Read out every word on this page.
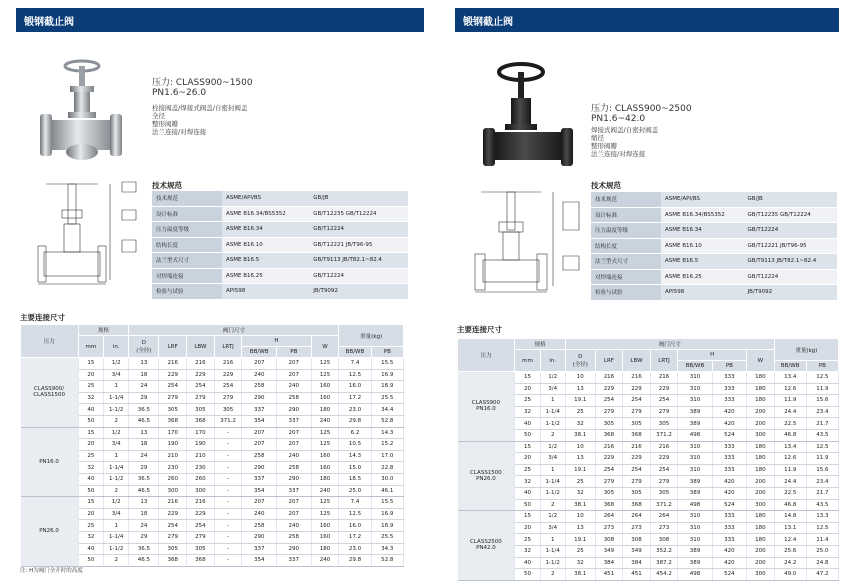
锻钢截止阀
压力: CLASS900~1500
PN1.6~26.0
栓接阀盖/焊接式阀盖/自密封阀盖
全径
整形阀瓣
法兰连接/对焊连接
技术规范
技术规范	ASME/API/BS	GB/JB
设计标准	ASME B16.34/BS5352	GB/T12235 GB/T12224
压力温度等级	ASME B16.34	GB/T12224
结构长度	ASME B16.10	GB/T12221 JB/T96-95
法兰型式尺寸	ASME B16.5	GB/T9113 JB/T82.1~82.4
对焊端连接	ASME B16.25	GB/T12224
检验与试验	API598	JB/T9092
主要连接尺寸
压力	规格		阀门尺寸							重量(kg)	
	mm	in.	D
(全径)	LRF	LBW	LRTJ	H		W		
							BB/WB	PB		BB/WB	PB
CLASS900/
CLASS1500	15	1/2	13	216	216	216	207	207	125	7.4	15.5
	20	3/4	18	229	229	229	240	207	125	12.5	16.9
	25	1	24	254	254	254	258	240	160	16.0	18.9
	32	1-1/4	29	279	279	279	290	258	160	17.2	25.5
	40	1-1/2	36.5	305	305	305	337	290	180	23.0	34.4
	50	2	46.5	368	368	371.2	354	337	240	29.8	52.8
PN16.0	15	1/2	13	170	170	-	207	207	125	6.2	14.3
	20	3/4	18	190	190	-	207	207	125	10.5	15.2
	25	1	24	210	210	-	258	240	160	14.3	17.0
	32	1-1/4	29	230	230	-	290	258	160	15.0	22.8
	40	1-1/2	36.5	260	260	-	337	290	180	18.5	30.0
	50	2	46.5	300	300	-	354	337	240	25.0	46.1
PN26.0	15	1/2	13	216	216	-	207	207	125	7.4	15.5
	20	3/4	18	229	229	-	240	207	125	12.5	16.9
	25	1	24	254	254	-	258	240	160	16.0	18.9
	32	1-1/4	29	279	279	-	290	258	160	17.2	25.5
	40	1-1/2	36.5	305	305	-	337	290	180	23.0	34.3
	50	2	46.5	368	368	-	354	337	240	29.8	52.8
注: H为阀门全开时的高度
锻钢截止阀
压力: CLASS900~2500
PN1.6~42.0
焊接式阀盖/自密封阀盖
缩径
整形阀瓣
法兰连接/对焊连接
技术规范
技术规范	ASME/API/BS	GB/JB
设计标准	ASME B16.34/BS5352	GB/T12235 GB/T12224
压力温度等级	ASME B16.34	GB/T12224
结构长度	ASME B16.10	GB/T12221 JB/T96-95
法兰型式尺寸	ASME B16.5	GB/T9113 JB/T82.1~82.4
对焊端连接	ASME B16.25	GB/T12224
检验与试验	API598	JB/T9092
主要连接尺寸
压力	规格		阀门尺寸							重量(kg)	
	mm	in.	D
(全径)	LRF	LBW	LRTJ	H		W		
							BB/WB	PB		BB/WB	PB
CLASS900
PN16.0	15	1/2	10	216	216	216	310	333	180	13.4	12.5
	20	3/4	13	229	229	229	310	333	180	12.6	11.9
	25	1	19.1	254	254	254	310	333	180	11.9	15.6
	32	1-1/4	25	279	279	279	389	420	200	24.4	23.4
	40	1-1/2	32	305	305	305	389	420	200	22.5	21.7
	50	2	38.1	368	368	371.2	498	524	300	46.8	43.5
CLASS1500
PN26.0	15	1/2	10	216	216	216	310	333	180	13.4	12.5
	20	3/4	13	229	229	229	310	333	180	12.6	11.9
	25	1	19.1	254	254	254	310	333	180	11.9	15.6
	32	1-1/4	25	279	279	279	389	420	200	24.4	23.4
	40	1-1/2	32	305	305	305	389	420	200	22.5	21.7
	50	2	38.1	368	368	371.2	498	524	300	46.8	43.5
CLASS2500
PN42.0	15	1/2	10	264	264	264	310	333	180	14.8	13.3
	20	3/4	13	273	273	273	310	333	180	13.1	12.5
	25	1	19.1	308	308	308	310	333	180	12.4	11.4
	32	1-1/4	25	349	349	352.2	389	420	200	25.6	25.0
	40	1-1/2	32	384	384	387.2	389	420	200	24.2	24.8
	50	2	38.1	451	451	454.2	498	524	300	49.0	47.2
